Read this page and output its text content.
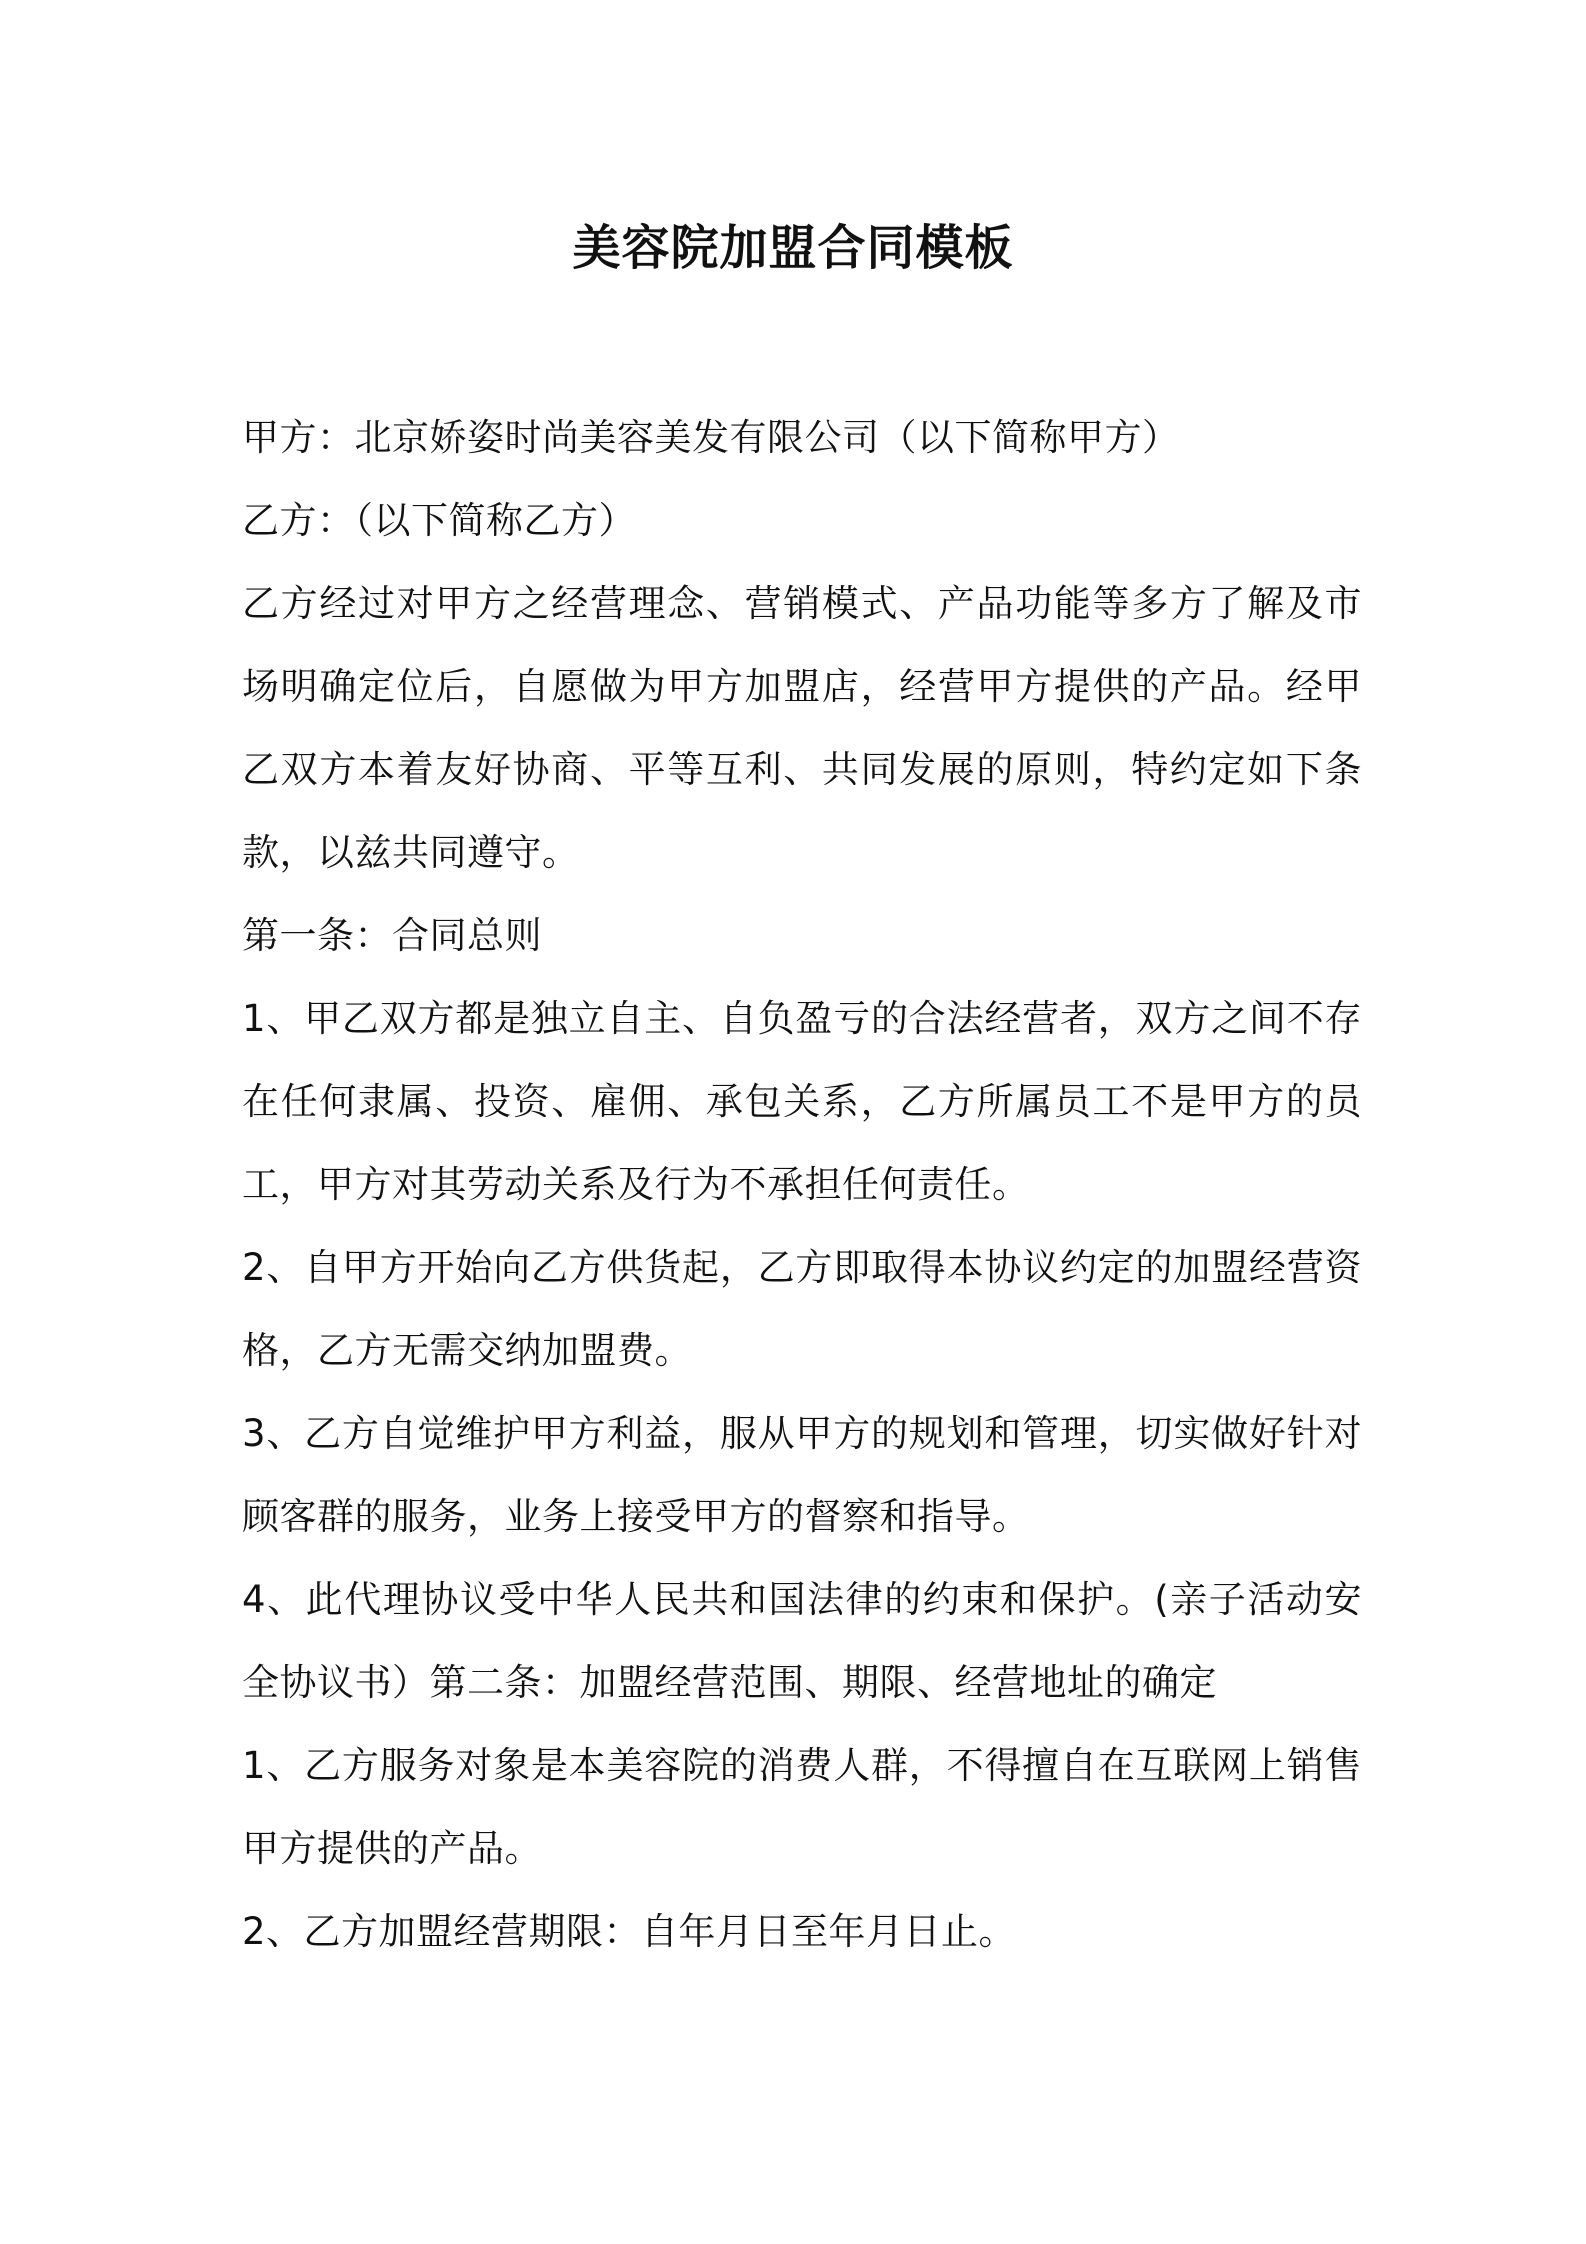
美容院加盟合同模板

甲方：北京娇姿时尚美容美发有限公司（以下简称甲方）

乙方：（以下简称乙方）

乙方经过对甲方之经营理念、营销模式、产品功能等多方了解及市场明确定位后，自愿做为甲方加盟店，经营甲方提供的产品。经甲乙双方本着友好协商、平等互利、共同发展的原则，特约定如下条款，以兹共同遵守。

第一条：合同总则

1、甲乙双方都是独立自主、自负盈亏的合法经营者，双方之间不存在任何隶属、投资、雇佣、承包关系，乙方所属员工不是甲方的员工，甲方对其劳动关系及行为不承担任何责任。

2、自甲方开始向乙方供货起，乙方即取得本协议约定的加盟经营资格，乙方无需交纳加盟费。

3、乙方自觉维护甲方利益，服从甲方的规划和管理，切实做好针对顾客群的服务，业务上接受甲方的督察和指导。

4、此代理协议受中华人民共和国法律的约束和保护。(亲子活动安全协议书）第二条：加盟经营范围、期限、经营地址的确定

1、乙方服务对象是本美容院的消费人群，不得擅自在互联网上销售甲方提供的产品。

2、乙方加盟经营期限：自年月日至年月日止。
